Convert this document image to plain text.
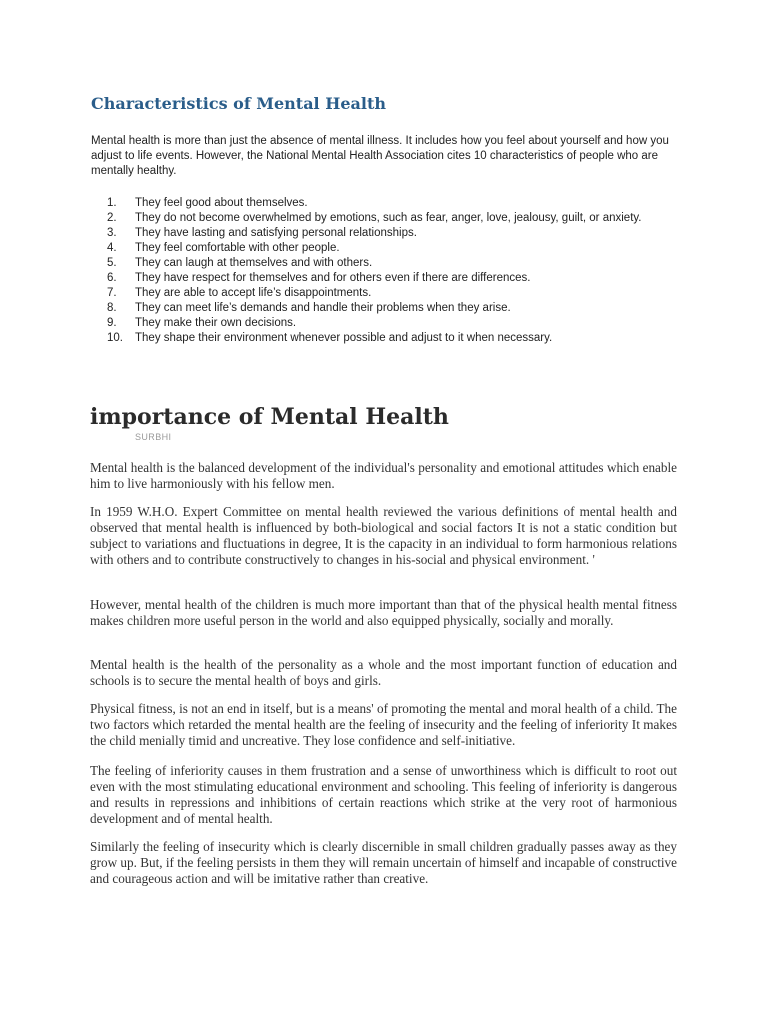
Characteristics of Mental Health

Mental health is more than just the absence of mental illness. It includes how you feel about yourself and how you adjust to life events. However, the National Mental Health Association cites 10 characteristics of people who are mentally healthy.

1.	They feel good about themselves.
2.	They do not become overwhelmed by emotions, such as fear, anger, love, jealousy, guilt, or anxiety.
3.	They have lasting and satisfying personal relationships.
4.	They feel comfortable with other people.
5.	They can laugh at themselves and with others.
6.	They have respect for themselves and for others even if there are differences.
7.	They are able to accept life’s disappointments.
8.	They can meet life’s demands and handle their problems when they arise.
9.	They make their own decisions.
10.	They shape their environment whenever possible and adjust to it when necessary.
importance of Mental Health
SURBHI

Mental health is the balanced development of the individual's personality and emotional attitudes which enable him to live harmoniously with his fellow men.

In 1959 W.H.O. Expert Committee on mental health reviewed the various definitions of mental health and observed that mental health is influenced by both-biological and social factors It is not a static condition but subject to variations and fluctuations in degree, It is the capacity in an individual to form harmonious relations with others and to contribute constructively to changes in his-social and physical environment. '

However, mental health of the children is much more important than that of the physical health mental fitness makes children more useful person in the world and also equipped physically, socially and morally.

Mental health is the health of the personality as a whole and the most important function of education and schools is to secure the mental health of boys and girls.

Physical fitness, is not an end in itself, but is a means' of promoting the mental and moral health of a child. The two factors which retarded the mental health are the feeling of insecurity and the feeling of inferiority It makes the child menially timid and uncreative. They lose confidence and self-initiative.

The feeling of inferiority causes in them frustration and a sense of unworthiness which is difficult to root out even with the most stimulating educational environment and schooling. This feeling of inferiority is dangerous and results in repressions and inhibitions of certain reactions which strike at the very root of harmonious development and of mental health.

Similarly the feeling of insecurity which is clearly discernible in small children gradually passes away as they grow up. But, if the feeling persists in them they will remain uncertain of himself and incapable of constructive and courageous action and will be imitative rather than creative.
